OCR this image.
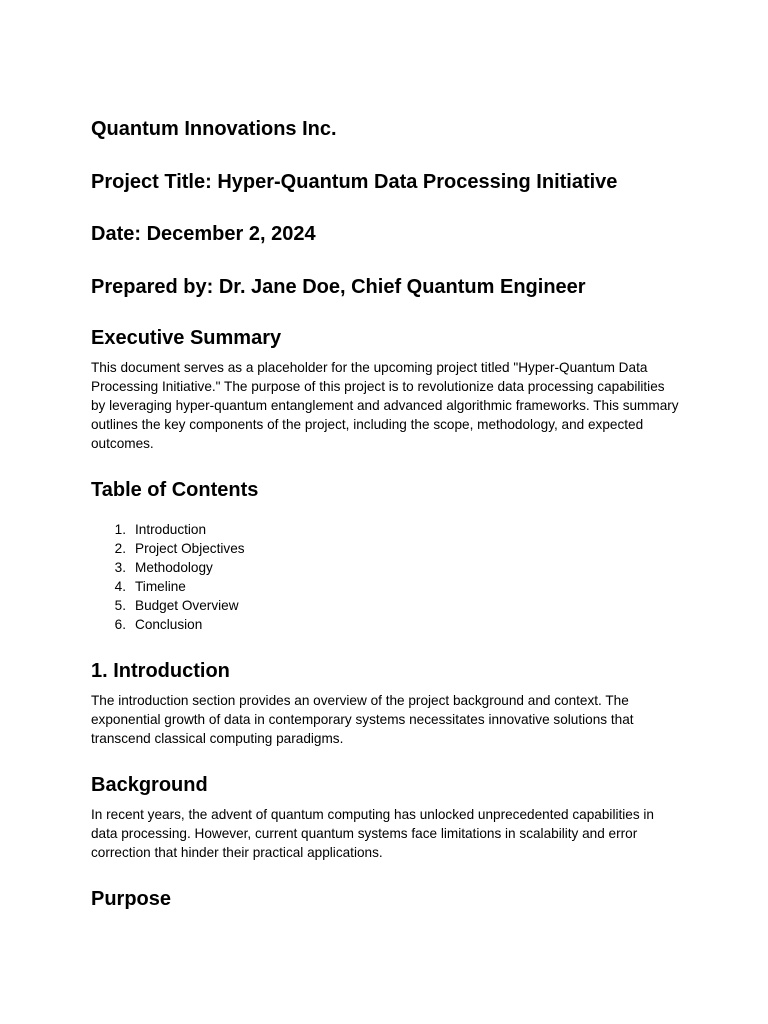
Quantum Innovations Inc.
Project Title: Hyper-Quantum Data Processing Initiative
Date: December 2, 2024
Prepared by: Dr. Jane Doe, Chief Quantum Engineer
Executive Summary

This document serves as a placeholder for the upcoming project titled "Hyper-Quantum Data Processing Initiative." The purpose of this project is to revolutionize data processing capabilities by leveraging hyper-quantum entanglement and advanced algorithmic frameworks. This summary outlines the key components of the project, including the scope, methodology, and expected outcomes.

Table of Contents
1. Introduction
2. Project Objectives
3. Methodology
4. Timeline
5. Budget Overview
6. Conclusion
1. Introduction

The introduction section provides an overview of the project background and context. The exponential growth of data in contemporary systems necessitates innovative solutions that transcend classical computing paradigms.

Background

In recent years, the advent of quantum computing has unlocked unprecedented capabilities in data processing. However, current quantum systems face limitations in scalability and error correction that hinder their practical applications.

Purpose
